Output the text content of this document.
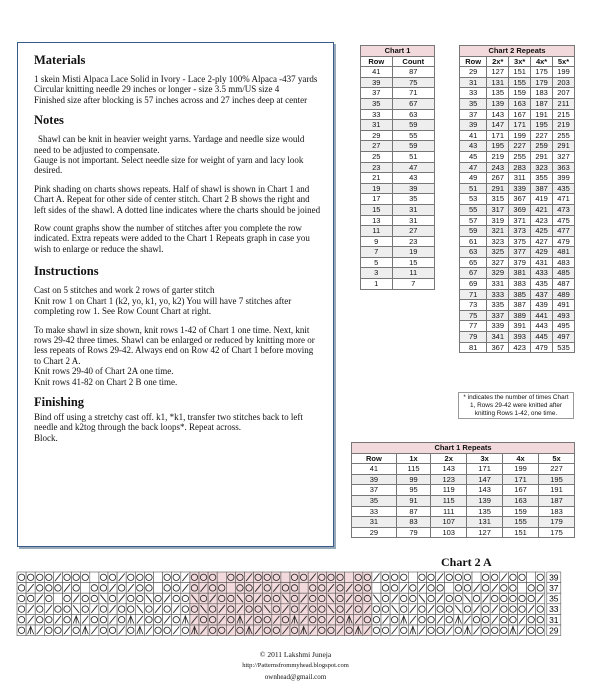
Materials

1 skein Misti Alpaca Lace Solid in Ivory - Lace 2-ply 100% Alpaca -437 yards

Circular knitting needle 29 inches or longer - size 3.5 mm/US size 4

Finished size after blocking is 57 inches across and 27 inches deep at center

Notes

Shawl can be knit in heavier weight yarns. Yardage and needle size would need to be adjusted to compensate.

Gauge is not important. Select needle size for weight of yarn and lacy look desired.

Pink shading on charts shows repeats. Half of shawl is shown in Chart 1 and Chart A. Repeat for other side of center stitch. Chart 2 B shows the right and left sides of the shawl. A dotted line indicates where the charts should be joined

Row count graphs show the number of stitches after you complete the row indicated. Extra repeats were added to the Chart 1 Repeats graph in case you wish to enlarge or reduce the shawl.

Instructions

Cast on 5 stitches and work 2 rows of garter stitch

Knit row 1 on Chart 1 (k2, yo, k1, yo, k2) You will have 7 stitches after completing row 1. See Row Count Chart at right.

To make shawl in size shown, knit rows 1-42 of Chart 1 one time. Next, knit rows 29-42 three times. Shawl can be enlarged or reduced by knitting more or less repeats of Rows 29-42. Always end on Row 42 of Chart 1 before moving to Chart 2 A.

Knit rows 29-40 of Chart 2A one time.

Knit rows 41-82 on Chart 2 B one time.

Finishing

Bind off using a stretchy cast off. k1, *k1, transfer two stitches back to left needle and k2tog through the back loops*. Repeat across.

Block.

Chart 1	
Row	Count
41	87
39	75
37	71
35	67
33	63
31	59
29	55
27	59
25	51
23	47
21	43
19	39
17	35
15	31
13	31
11	27
9	23
7	19
5	15
3	11
1	7
Chart 2 Repeats				
Row	2x*	3x*	4x*	5x*
29	127	151	175	199
31	131	155	179	203
33	135	159	183	207
35	139	163	187	211
37	143	167	191	215
39	147	171	195	219
41	171	199	227	255
43	195	227	259	291
45	219	255	291	327
47	243	283	323	363
49	267	311	355	399
51	291	339	387	435
53	315	367	419	471
55	317	369	421	473
57	319	371	423	475
59	321	373	425	477
61	323	375	427	479
63	325	377	429	481
65	327	379	431	483
67	329	381	433	485
69	331	383	435	487
71	333	385	437	489
73	335	387	439	491
75	337	389	441	493
77	339	391	443	495
79	341	393	445	497
81	367	423	479	535
* indicates the number of times Chart 1, Rows 29-42 were knitted after knitting Rows 1-42, one time.
Chart 1 Repeats					
Row	1x	2x	3x	4x	5x
41	115	143	171	199	227
39	99	123	147	171	195
37	95	119	143	167	191
35	91	115	139	163	187
33	87	111	135	159	183
31	83	107	131	155	179
29	79	103	127	151	175
Chart 2 A
39
37
35
33
31
29
© 2011 Lakshmi Juneja
http://Patternsfrommyhead.blogspot.com
ownhead@gmail.com
